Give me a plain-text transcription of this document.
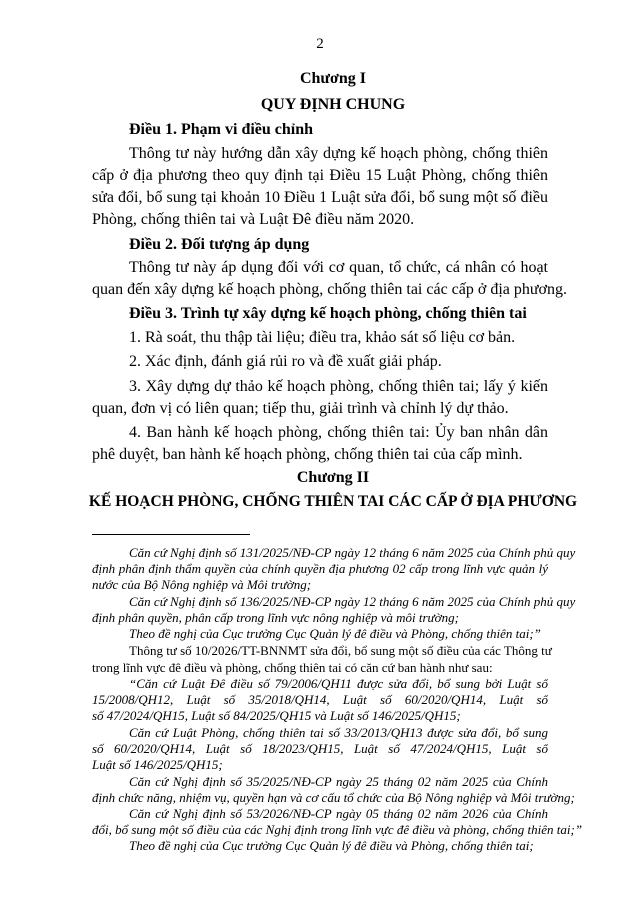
2
Chương I
QUY ĐỊNH CHUNG
Điều 1. Phạm vi điều chỉnh
Thông tư này hướng dẫn xây dựng kế hoạch phòng, chống thiên
cấp ở địa phương theo quy định tại Điều 15 Luật Phòng, chống thiên
sửa đổi, bổ sung tại khoản 10 Điều 1 Luật sửa đổi, bổ sung một số điều
Phòng, chống thiên tai và Luật Đê điều năm 2020.
Điều 2. Đối tượng áp dụng
Thông tư này áp dụng đối với cơ quan, tổ chức, cá nhân có hoạt
quan đến xây dựng kế hoạch phòng, chống thiên tai các cấp ở địa phương.
Điều 3. Trình tự xây dựng kế hoạch phòng, chống thiên tai
1. Rà soát, thu thập tài liệu; điều tra, khảo sát số liệu cơ bản.
2. Xác định, đánh giá rủi ro và đề xuất giải pháp.
3. Xây dựng dự thảo kế hoạch phòng, chống thiên tai; lấy ý kiến
quan, đơn vị có liên quan; tiếp thu, giải trình và chỉnh lý dự thảo.
4. Ban hành kế hoạch phòng, chống thiên tai: Ủy ban nhân dân
phê duyệt, ban hành kế hoạch phòng, chống thiên tai của cấp mình.
Chương II
KẾ HOẠCH PHÒNG, CHỐNG THIÊN TAI CÁC CẤP Ở ĐỊA PHƯƠNG
Căn cứ Nghị định số 131/2025/NĐ-CP ngày 12 tháng 6 năm 2025 của Chính phủ quy
định phân định thẩm quyền của chính quyền địa phương 02 cấp trong lĩnh vực quản lý
nước của Bộ Nông nghiệp và Môi trường;
Căn cứ Nghị định số 136/2025/NĐ-CP ngày 12 tháng 6 năm 2025 của Chính phủ quy
định phân quyền, phân cấp trong lĩnh vực nông nghiệp và môi trường;
Theo đề nghị của Cục trưởng Cục Quản lý đê điều và Phòng, chống thiên tai;”
Thông tư số 10/2026/TT-BNNMT sửa đổi, bổ sung một số điều của các Thông tư
trong lĩnh vực đê điều và phòng, chống thiên tai có căn cứ ban hành như sau:
“Căn cứ Luật Đê điều số 79/2006/QH11 được sửa đổi, bổ sung bởi Luật số
15/2008/QH12, Luật số 35/2018/QH14, Luật số 60/2020/QH14, Luật số
số 47/2024/QH15, Luật số 84/2025/QH15 và Luật số 146/2025/QH15;
Căn cứ Luật Phòng, chống thiên tai số 33/2013/QH13 được sửa đổi, bổ sung
số 60/2020/QH14, Luật số 18/2023/QH15, Luật số 47/2024/QH15, Luật số
Luật số 146/2025/QH15;
Căn cứ Nghị định số 35/2025/NĐ-CP ngày 25 tháng 02 năm 2025 của Chính
định chức năng, nhiệm vụ, quyền hạn và cơ cấu tổ chức của Bộ Nông nghiệp và Môi trường;
Căn cứ Nghị định số 53/2026/NĐ-CP ngày 05 tháng 02 năm 2026 của Chính
đổi, bổ sung một số điều của các Nghị định trong lĩnh vực đê điều và phòng, chống thiên tai;”
Theo đề nghị của Cục trưởng Cục Quản lý đê điều và Phòng, chống thiên tai;
